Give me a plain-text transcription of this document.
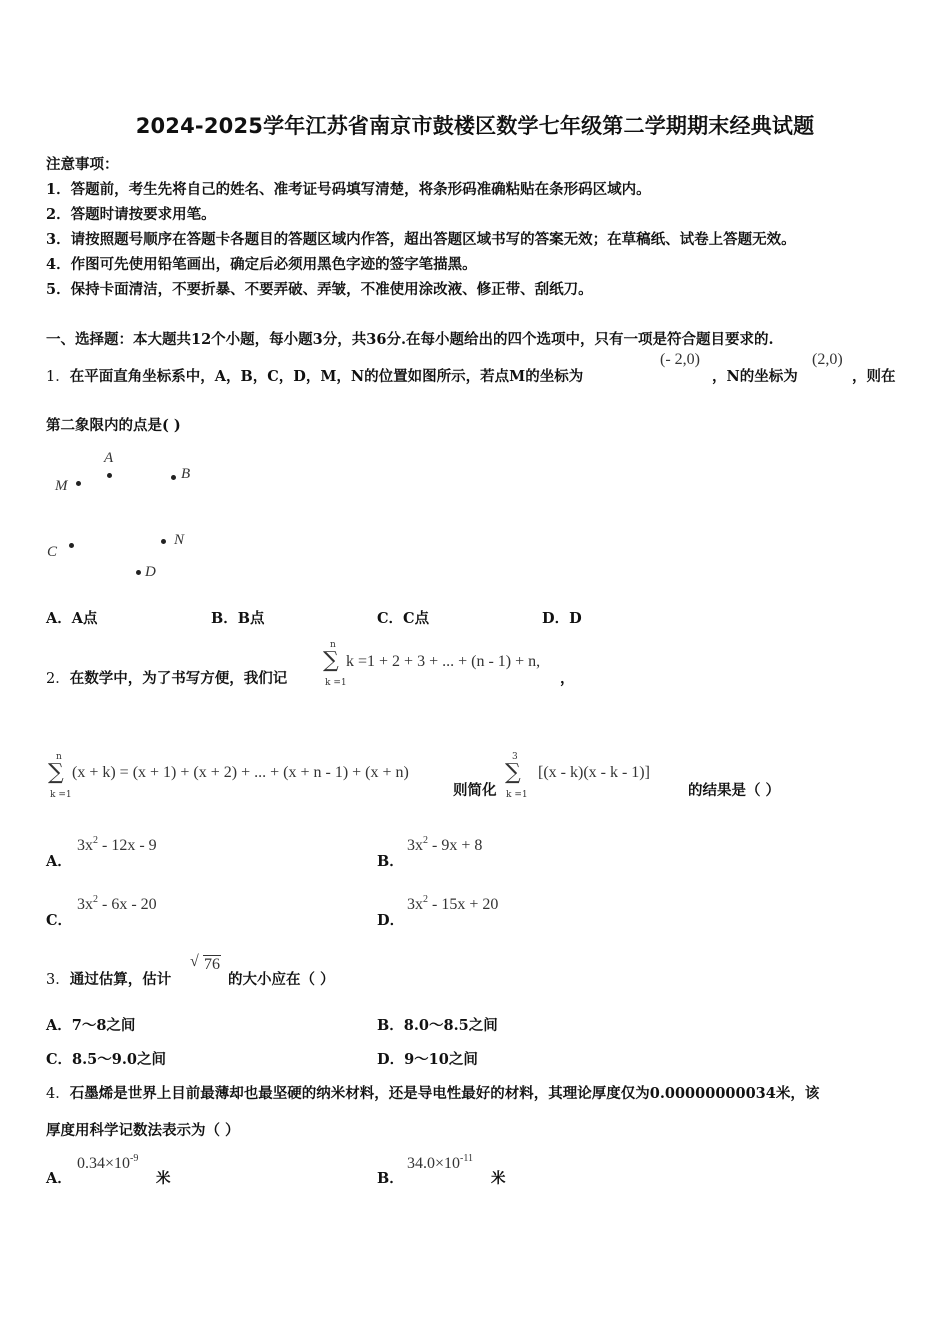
2024-2025学年江苏省南京市鼓楼区数学七年级第二学期期末经典试题
注意事项：
1．答题前，考生先将自己的姓名、准考证号码填写清楚，将条形码准确粘贴在条形码区域内。
2．答题时请按要求用笔。
3．请按照题号顺序在答题卡各题目的答题区域内作答，超出答题区域书写的答案无效；在草稿纸、试卷上答题无效。
4．作图可先使用铅笔画出，确定后必须用黑色字迹的签字笔描黑。
5．保持卡面清洁，不要折暴、不要弄破、弄皱，不准使用涂改液、修正带、刮纸刀。
一、选择题：本大题共12个小题，每小题3分，共36分.在每小题给出的四个选项中，只有一项是符合题目要求的.
1．在平面直角坐标系中，A，B，C，D，M，N的位置如图所示，若点M的坐标为
(- 2,0)
，N的坐标为
(2,0)
，则在
第二象限内的点是( )
A
B
M
C
N
D
A．A点	B．B点	C．C点	D．D
2．在数学中，为了书写方便，我们记
n
∑
k =1
k =1 + 2 + 3 + ... + (n - 1) + n,
，
n
∑
k =1
(x + k) = (x + 1) + (x + 2) + ... + (x + n - 1) + (x + n)
则简化
3
∑
k =1
[(x - k)(x - k - 1)]
的结果是（ ）
A．
$3x^2 - 12x - 9$
B．
$3x^2 - 9x + 8$
C．
$3x^2 - 6x - 20$
D．
$3x^2 - 15x + 20$
3．通过估算，估计
√ 76
的大小应在（ ）
A．7～8之间	B．8.0～8.5之间
C．8.5～9.0之间	D．9～10之间
4．石墨烯是世界上目前最薄却也最坚硬的纳米材料，还是导电性最好的材料，其理论厚度仅为0.00000000034米，该
厚度用科学记数法表示为（ ）
A．
$0.34\times 10^{-9}$
米	B．
$34.0\times 10^{-11}$
米
